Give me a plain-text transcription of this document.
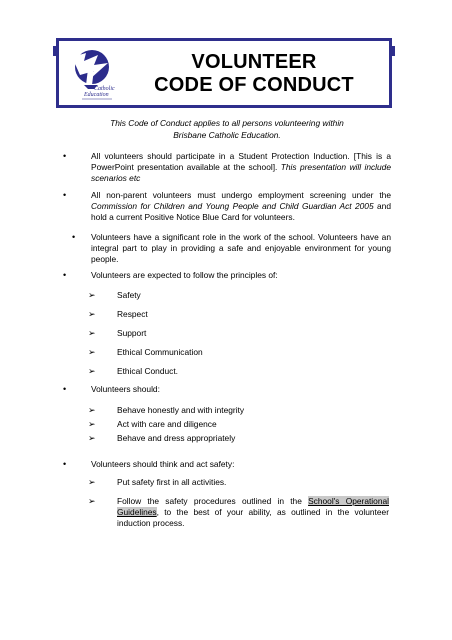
Catholic
Education
VOLUNTEER
CODE OF CONDUCT
This Code of Conduct applies to all persons volunteering within Brisbane Catholic Education.
•	All volunteers should participate in a Student Protection Induction. [This is a PowerPoint presentation available at the school]. This presentation will include scenarios etc
•	All non-parent volunteers must undergo employment screening under the Commission for Children and Young People and Child Guardian Act 2005 and hold a current Positive Notice Blue Card for volunteers.
• Volunteers have a significant role in the work of the school. Volunteers have an integral part to play in providing a safe and enjoyable environment for young people.
•	Volunteers are expected to follow the principles of:
➢	Safety
➢	Respect
➢	Support
➢	Ethical Communication
➢	Ethical Conduct.
•	Volunteers should:
➢	Behave honestly and with integrity
➢	Act with care and diligence
➢	Behave and dress appropriately
•	Volunteers should think and act safety:
➢	Put safety first in all activities.
➢	Follow the safety procedures outlined in the School's Operational Guidelines, to the best of your ability, as outlined in the volunteer induction process.
